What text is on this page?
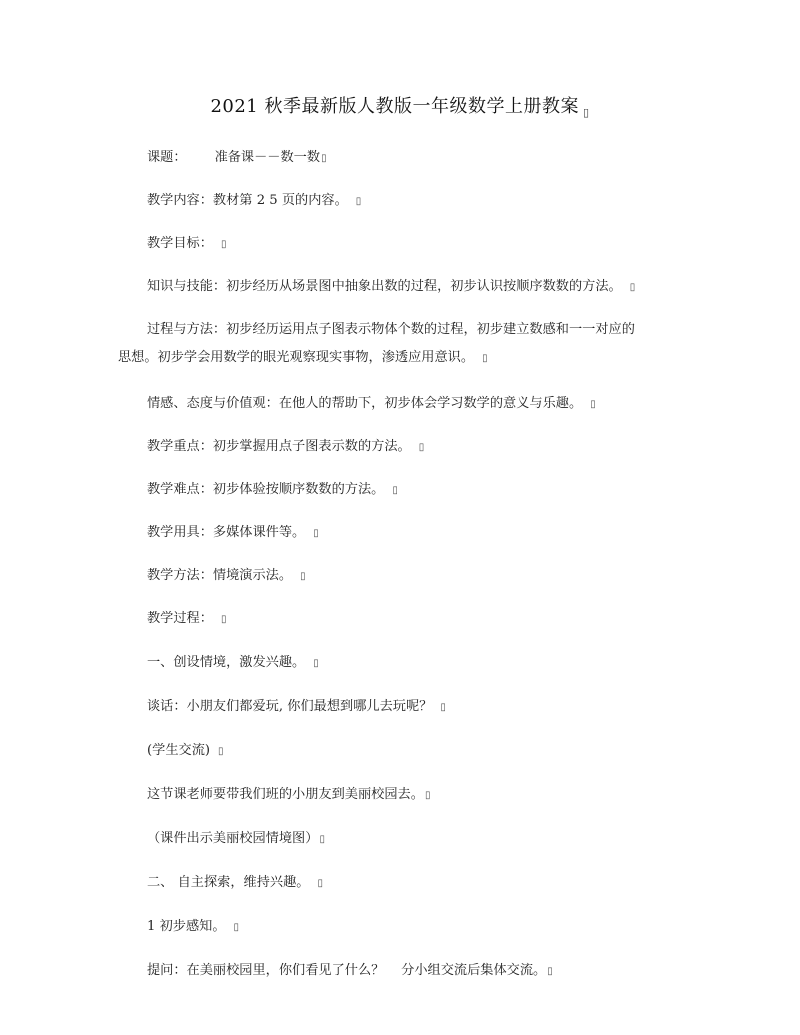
2021 秋季最新版人教版一年级数学上册教案 $_▯$
课题： 准备课－－数一数▯
教学内容：教材第 2 5 页的内容。 ▯
教学目标： ▯
知识与技能：初步经历从场景图中抽象出数的过程，初步认识按顺序数数的方法。 ▯
过程与方法：初步经历运用点子图表示物体个数的过程，初步建立数感和一一对应的
思想。初步学会用数学的眼光观察现实事物，渗透应用意识。 ▯
情感、态度与价值观：在他人的帮助下，初步体会学习数学的意义与乐趣。 ▯
教学重点：初步掌握用点子图表示数的方法。 ▯
教学难点：初步体验按顺序数数的方法。 ▯
教学用具：多媒体课件等。 ▯
教学方法：情境演示法。 ▯
教学过程： ▯
一、创设情境，激发兴趣。 ▯
谈话：小朋友们都爱玩, 你们最想到哪儿去玩呢？ ▯
(学生交流) ▯
这节课老师要带我们班的小朋友到美丽校园去。▯
（课件出示美丽校园情境图）▯
二、 自主探索，维持兴趣。 ▯
1 初步感知。 ▯
提问：在美丽校园里，你们看见了什么？    分小组交流后集体交流。▯
